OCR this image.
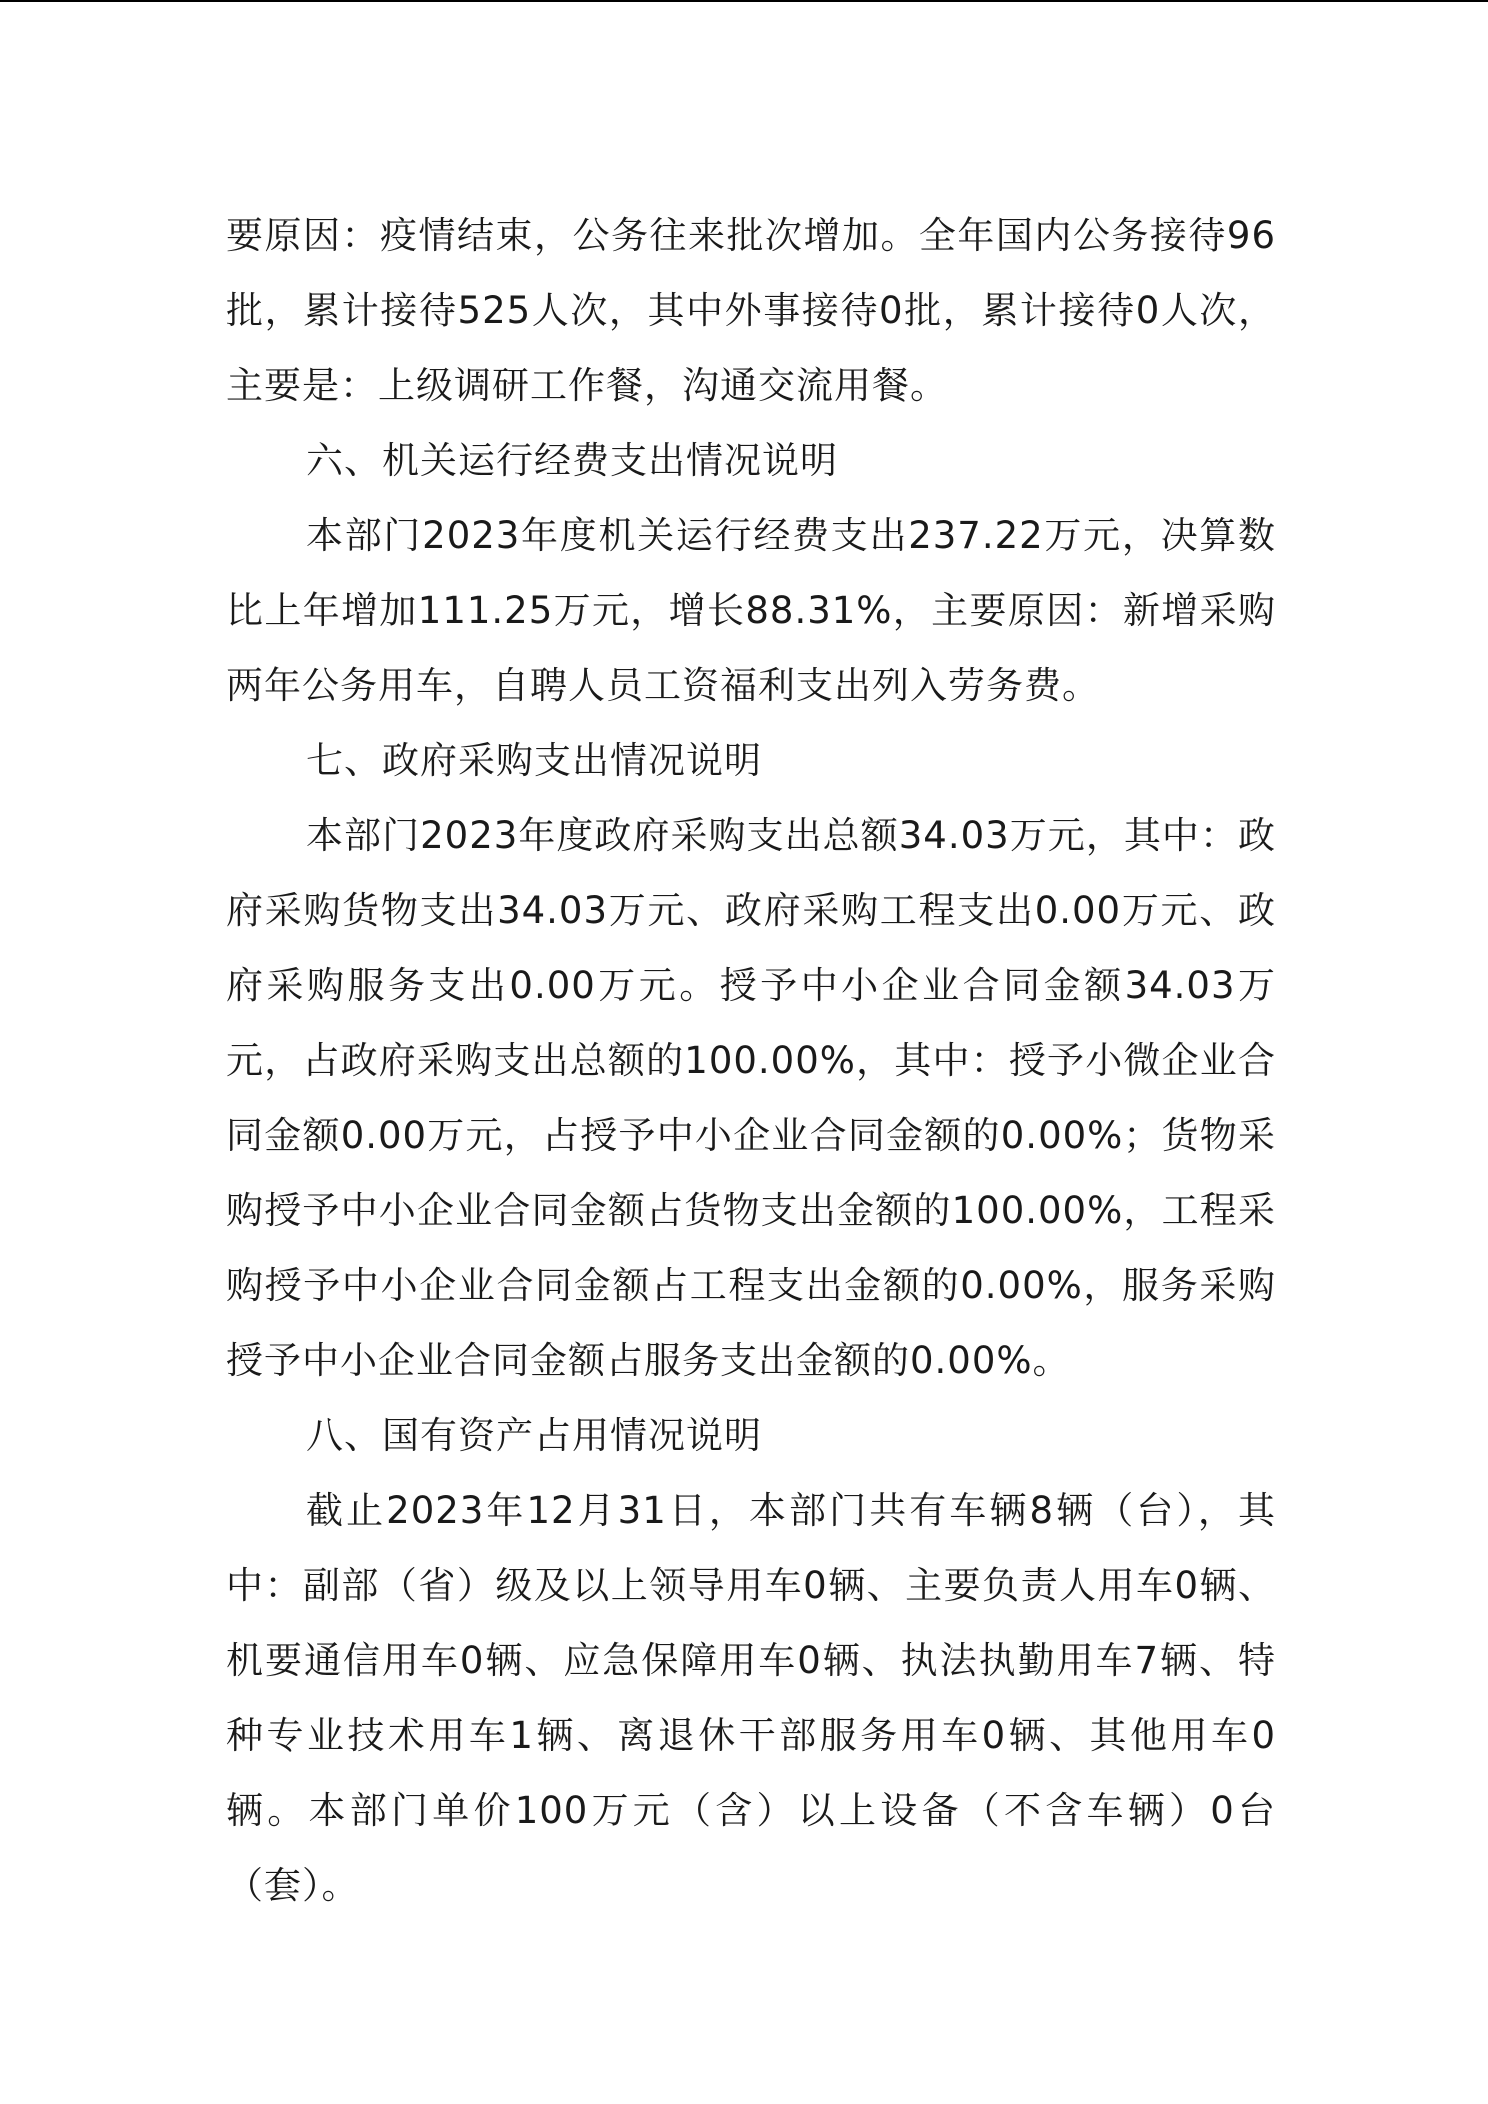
要原因：疫情结束，公务往来批次增加。全年国内公务接待96批，累计接待525人次，其中外事接待0批，累计接待0人次，主要是：上级调研工作餐，沟通交流用餐。

六、机关运行经费支出情况说明

本部门2023年度机关运行经费支出237.22万元，决算数比上年增加111.25万元，增长88.31%，主要原因：新增采购两年公务用车，自聘人员工资福利支出列入劳务费。

七、政府采购支出情况说明

本部门2023年度政府采购支出总额34.03万元，其中：政府采购货物支出34.03万元、政府采购工程支出0.00万元、政府采购服务支出0.00万元。授予中小企业合同金额34.03万元，占政府采购支出总额的100.00%，其中：授予小微企业合同金额0.00万元，占授予中小企业合同金额的0.00%；货物采购授予中小企业合同金额占货物支出金额的100.00%，工程采购授予中小企业合同金额占工程支出金额的0.00%，服务采购授予中小企业合同金额占服务支出金额的0.00%。

八、国有资产占用情况说明

截止2023年12月31日，本部门共有车辆8辆（台），其中：副部（省）级及以上领导用车0辆、主要负责人用车0辆、机要通信用车0辆、应急保障用车0辆、执法执勤用车7辆、特种专业技术用车1辆、离退休干部服务用车0辆、其他用车0辆。本部门单价100万元（含）以上设备（不含车辆）0台（套）。
